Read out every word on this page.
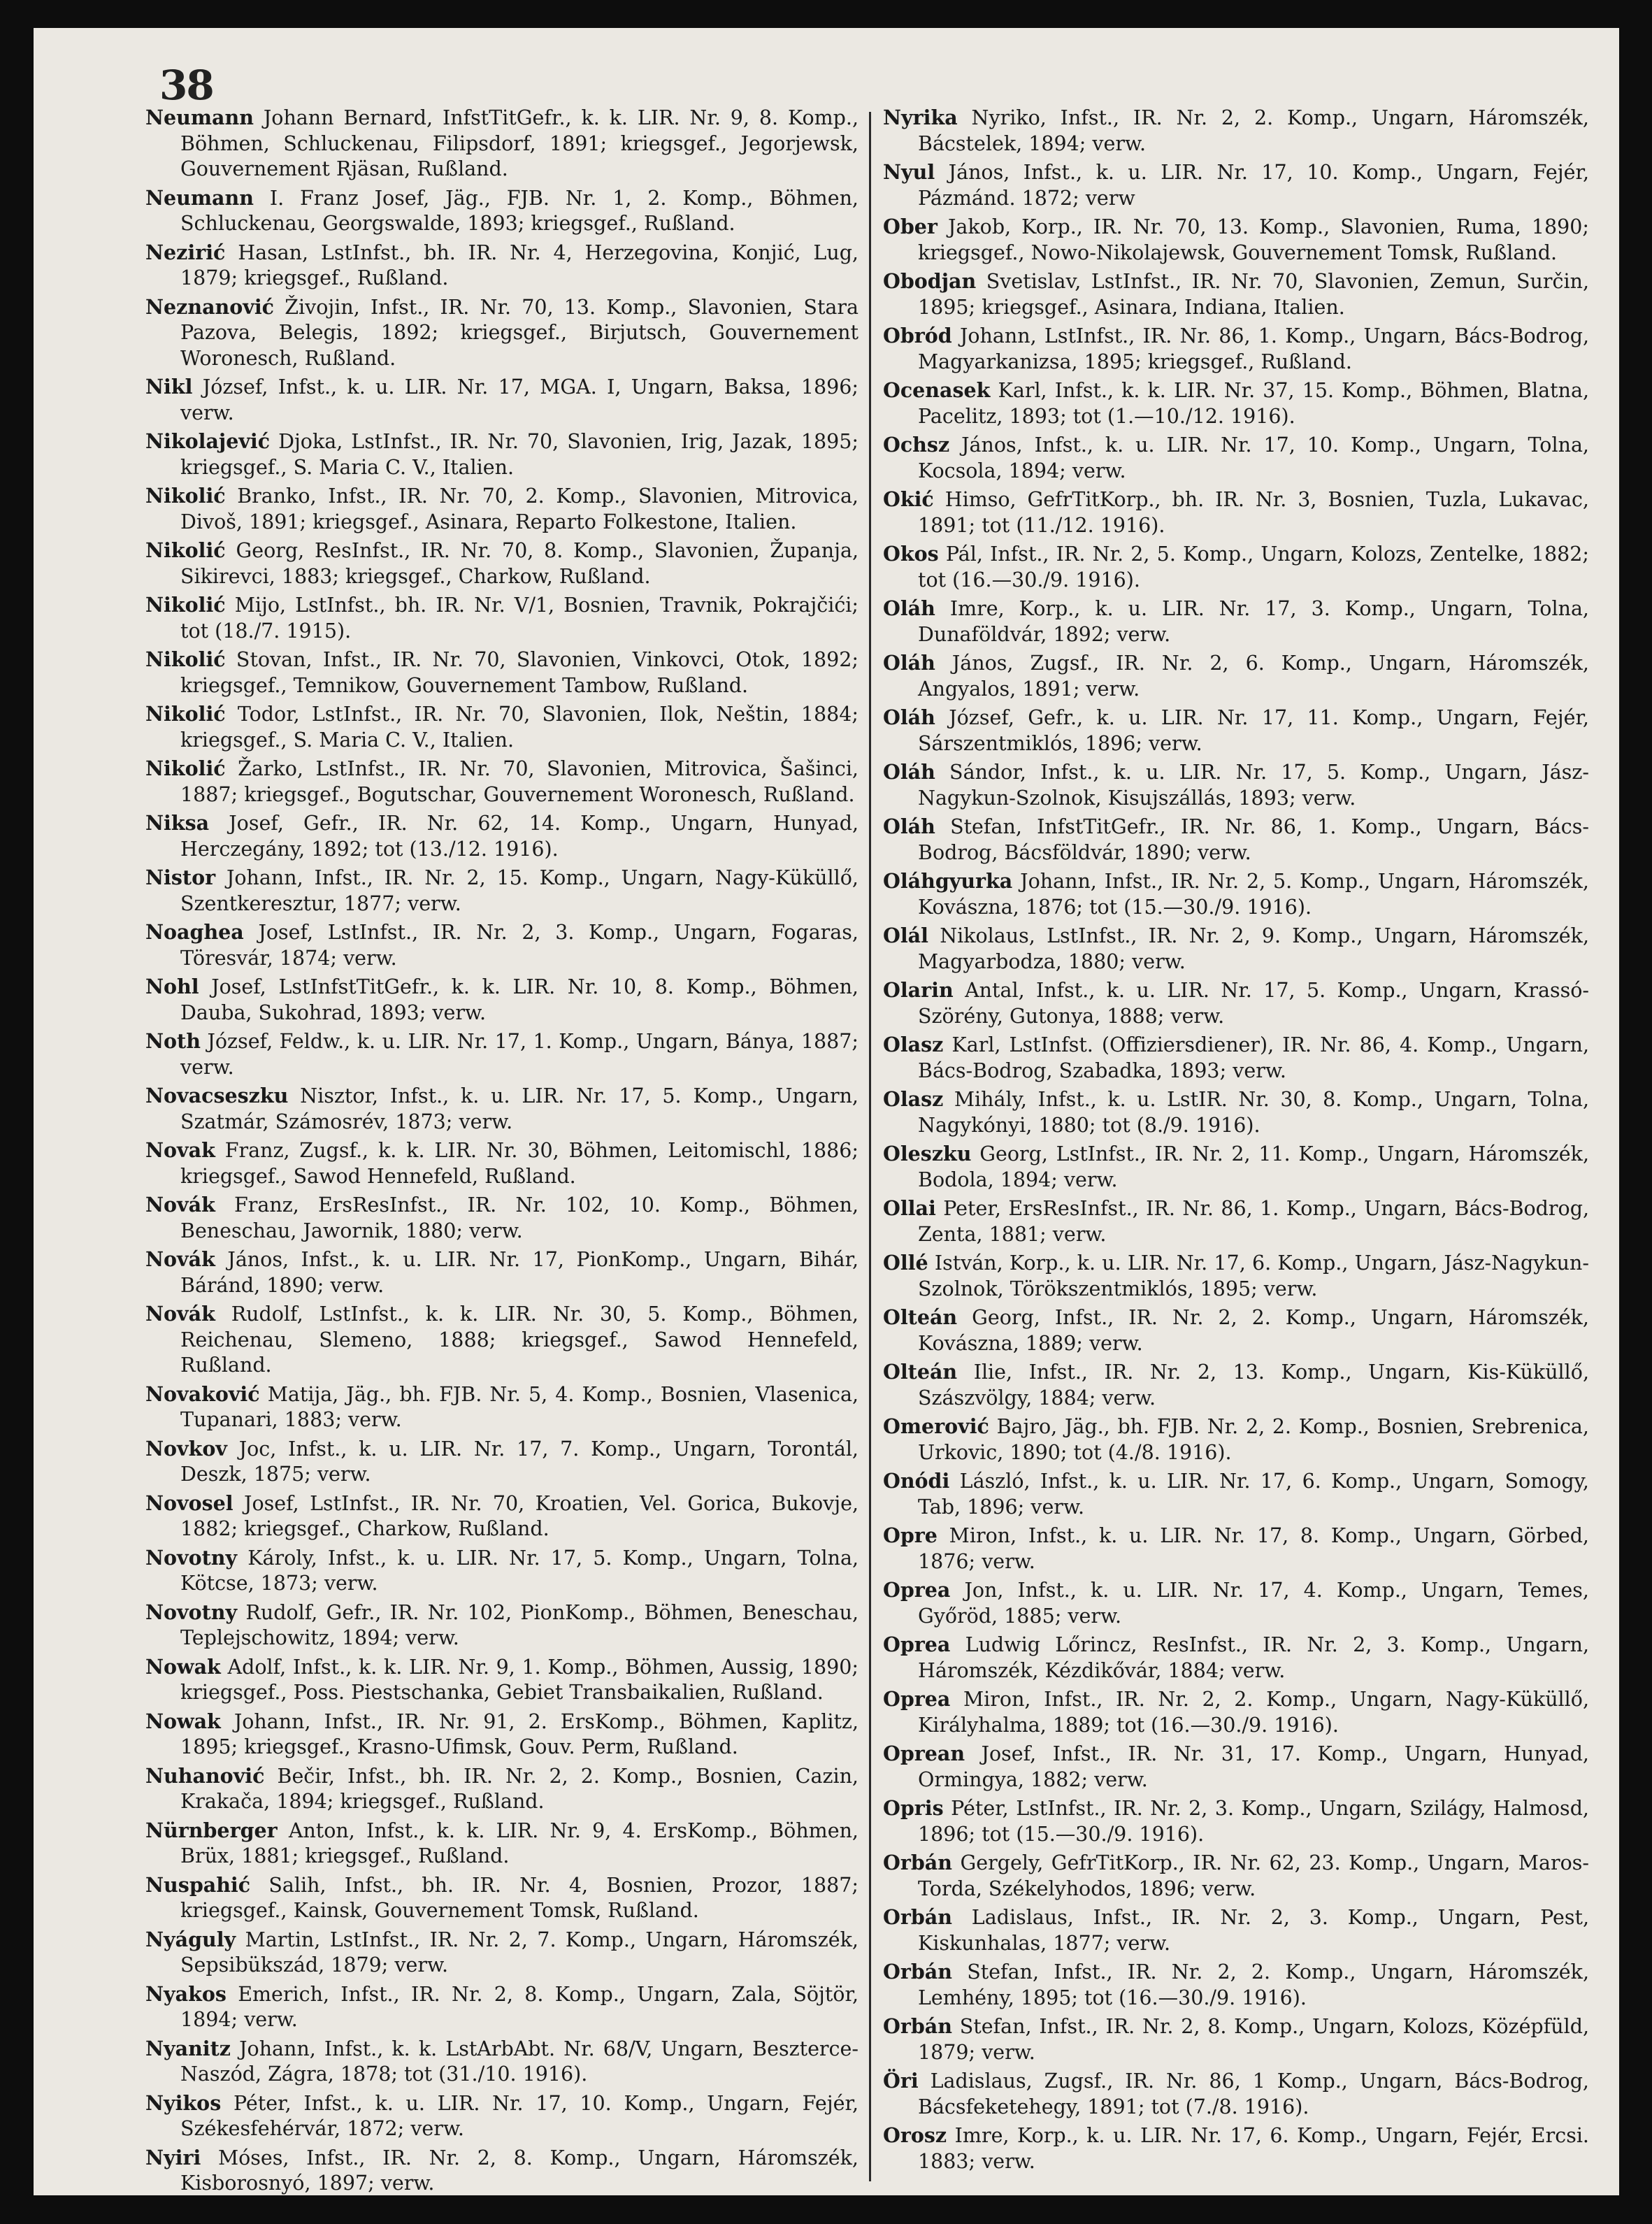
38

Neumann Johann Bernard, InfstTitGefr., k. k. LIR. Nr. 9, 8. Komp., Böhmen, Schluckenau, Filipsdorf, 1891; kriegsgef., Jegorjewsk, Gouvernement Rjäsan, Rußland.

Neumann I. Franz Josef, Jäg., FJB. Nr. 1, 2. Komp., Böhmen, Schluckenau, Georgswalde, 1893; kriegsgef., Rußland.

Nezirić Hasan, LstInfst., bh. IR. Nr. 4, Herzegovina, Konjić, Lug, 1879; kriegsgef., Rußland.

Neznanović Živojin, Infst., IR. Nr. 70, 13. Komp., Slavonien, Stara Pazova, Belegis, 1892; kriegsgef., Birjutsch, Gouvernement Woronesch, Rußland.

Nikl József, Infst., k. u. LIR. Nr. 17, MGA. I, Ungarn, Baksa, 1896; verw.

Nikolajević Djoka, LstInfst., IR. Nr. 70, Slavonien, Irig, Jazak, 1895; kriegsgef., S. Maria C. V., Italien.

Nikolić Branko, Infst., IR. Nr. 70, 2. Komp., Slavonien, Mitrovica, Divoš, 1891; kriegsgef., Asinara, Reparto Folkestone, Italien.

Nikolić Georg, ResInfst., IR. Nr. 70, 8. Komp., Slavonien, Županja, Sikirevci, 1883; kriegsgef., Charkow, Rußland.

Nikolić Mijo, LstInfst., bh. IR. Nr. V/1, Bosnien, Travnik, Pokrajčići; tot (18./7. 1915).

Nikolić Stovan, Infst., IR. Nr. 70, Slavonien, Vinkovci, Otok, 1892; kriegsgef., Temnikow, Gouvernement Tambow, Rußland.

Nikolić Todor, LstInfst., IR. Nr. 70, Slavonien, Ilok, Neštin, 1884; kriegsgef., S. Maria C. V., Italien.

Nikolić Žarko, LstInfst., IR. Nr. 70, Slavonien, Mitrovica, Šašinci, 1887; kriegsgef., Bogutschar, Gouvernement Woronesch, Rußland.

Niksa Josef, Gefr., IR. Nr. 62, 14. Komp., Ungarn, Hunyad, Herczegány, 1892; tot (13./12. 1916).

Nistor Johann, Infst., IR. Nr. 2, 15. Komp., Ungarn, Nagy-Küküllő, Szentkeresztur, 1877; verw.

Noaghea Josef, LstInfst., IR. Nr. 2, 3. Komp., Ungarn, Fogaras, Töresvár, 1874; verw.

Nohl Josef, LstInfstTitGefr., k. k. LIR. Nr. 10, 8. Komp., Böhmen, Dauba, Sukohrad, 1893; verw.

Noth József, Feldw., k. u. LIR. Nr. 17, 1. Komp., Ungarn, Bánya, 1887; verw.

Novacseszku Nisztor, Infst., k. u. LIR. Nr. 17, 5. Komp., Ungarn, Szatmár, Számosrév, 1873; verw.

Novak Franz, Zugsf., k. k. LIR. Nr. 30, Böhmen, Leitomischl, 1886; kriegsgef., Sawod Hennefeld, Rußland.

Novák Franz, ErsResInfst., IR. Nr. 102, 10. Komp., Böhmen, Beneschau, Jawornik, 1880; verw.

Novák János, Infst., k. u. LIR. Nr. 17, PionKomp., Ungarn, Bihár, Báránd, 1890; verw.

Novák Rudolf, LstInfst., k. k. LIR. Nr. 30, 5. Komp., Böhmen, Reichenau, Slemeno, 1888; kriegsgef., Sawod Hennefeld, Rußland.

Novaković Matija, Jäg., bh. FJB. Nr. 5, 4. Komp., Bosnien, Vlasenica, Tupanari, 1883; verw.

Novkov Joc, Infst., k. u. LIR. Nr. 17, 7. Komp., Ungarn, Torontál, Deszk, 1875; verw.

Novosel Josef, LstInfst., IR. Nr. 70, Kroatien, Vel. Gorica, Bukovje, 1882; kriegsgef., Charkow, Rußland.

Novotny Károly, Infst., k. u. LIR. Nr. 17, 5. Komp., Ungarn, Tolna, Kötcse, 1873; verw.

Novotny Rudolf, Gefr., IR. Nr. 102, PionKomp., Böhmen, Beneschau, Teplejschowitz, 1894; verw.

Nowak Adolf, Infst., k. k. LIR. Nr. 9, 1. Komp., Böhmen, Aussig, 1890; kriegsgef., Poss. Piestschanka, Gebiet Transbaikalien, Rußland.

Nowak Johann, Infst., IR. Nr. 91, 2. ErsKomp., Böhmen, Kaplitz, 1895; kriegsgef., Krasno-Ufimsk, Gouv. Perm, Rußland.

Nuhanović Bečir, Infst., bh. IR. Nr. 2, 2. Komp., Bosnien, Cazin, Krakača, 1894; kriegsgef., Rußland.

Nürnberger Anton, Infst., k. k. LIR. Nr. 9, 4. ErsKomp., Böhmen, Brüx, 1881; kriegsgef., Rußland.

Nuspahić Salih, Infst., bh. IR. Nr. 4, Bosnien, Prozor, 1887; kriegsgef., Kainsk, Gouvernement Tomsk, Rußland.

Nyáguly Martin, LstInfst., IR. Nr. 2, 7. Komp., Ungarn, Háromszék, Sepsibükszád, 1879; verw.

Nyakos Emerich, Infst., IR. Nr. 2, 8. Komp., Ungarn, Zala, Söjtör, 1894; verw.

Nyanitz Johann, Infst., k. k. LstArbAbt. Nr. 68/V, Ungarn, Beszterce-Naszód, Zágra, 1878; tot (31./10. 1916).

Nyikos Péter, Infst., k. u. LIR. Nr. 17, 10. Komp., Ungarn, Fejér, Székesfehérvár, 1872; verw.

Nyiri Móses, Infst., IR. Nr. 2, 8. Komp., Ungarn, Háromszék, Kisborosnyó, 1897; verw.

Nyrika Nyriko, Infst., IR. Nr. 2, 2. Komp., Ungarn, Háromszék, Bácstelek, 1894; verw.

Nyul János, Infst., k. u. LIR. Nr. 17, 10. Komp., Ungarn, Fejér, Pázmánd. 1872; verw

Ober Jakob, Korp., IR. Nr. 70, 13. Komp., Slavonien, Ruma, 1890; kriegsgef., Nowo-Nikolajewsk, Gouvernement Tomsk, Rußland.

Obodjan Svetislav, LstInfst., IR. Nr. 70, Slavonien, Zemun, Surčin, 1895; kriegsgef., Asinara, Indiana, Italien.

Obród Johann, LstInfst., IR. Nr. 86, 1. Komp., Ungarn, Bács-Bodrog, Magyarkanizsa, 1895; kriegsgef., Rußland.

Ocenasek Karl, Infst., k. k. LIR. Nr. 37, 15. Komp., Böhmen, Blatna, Pacelitz, 1893; tot (1.—10./12. 1916).

Ochsz János, Infst., k. u. LIR. Nr. 17, 10. Komp., Ungarn, Tolna, Kocsola, 1894; verw.

Okić Himso, GefrTitKorp., bh. IR. Nr. 3, Bosnien, Tuzla, Lukavac, 1891; tot (11./12. 1916).

Okos Pál, Infst., IR. Nr. 2, 5. Komp., Ungarn, Kolozs, Zentelke, 1882; tot (16.—30./9. 1916).

Oláh Imre, Korp., k. u. LIR. Nr. 17, 3. Komp., Ungarn, Tolna, Dunaföldvár, 1892; verw.

Oláh János, Zugsf., IR. Nr. 2, 6. Komp., Ungarn, Háromszék, Angyalos, 1891; verw.

Oláh József, Gefr., k. u. LIR. Nr. 17, 11. Komp., Ungarn, Fejér, Sárszentmiklós, 1896; verw.

Oláh Sándor, Infst., k. u. LIR. Nr. 17, 5. Komp., Ungarn, Jász-Nagykun-Szolnok, Kisujszállás, 1893; verw.

Oláh Stefan, InfstTitGefr., IR. Nr. 86, 1. Komp., Ungarn, Bács-Bodrog, Bácsföldvár, 1890; verw.

Oláhgyurka Johann, Infst., IR. Nr. 2, 5. Komp., Ungarn, Háromszék, Kovászna, 1876; tot (15.—30./9. 1916).

Olál Nikolaus, LstInfst., IR. Nr. 2, 9. Komp., Ungarn, Háromszék, Magyarbodza, 1880; verw.

Olarin Antal, Infst., k. u. LIR. Nr. 17, 5. Komp., Ungarn, Krassó-Szörény, Gutonya, 1888; verw.

Olasz Karl, LstInfst. (Offiziersdiener), IR. Nr. 86, 4. Komp., Ungarn, Bács-Bodrog, Szabadka, 1893; verw.

Olasz Mihály, Infst., k. u. LstIR. Nr. 30, 8. Komp., Ungarn, Tolna, Nagykónyi, 1880; tot (8./9. 1916).

Oleszku Georg, LstInfst., IR. Nr. 2, 11. Komp., Ungarn, Háromszék, Bodola, 1894; verw.

Ollai Peter, ErsResInfst., IR. Nr. 86, 1. Komp., Ungarn, Bács-Bodrog, Zenta, 1881; verw.

Ollé István, Korp., k. u. LIR. Nr. 17, 6. Komp., Ungarn, Jász-Nagykun-Szolnok, Törökszentmiklós, 1895; verw.

Olteán Georg, Infst., IR. Nr. 2, 2. Komp., Ungarn, Háromszék, Kovászna, 1889; verw.

Olteán Ilie, Infst., IR. Nr. 2, 13. Komp., Ungarn, Kis-Küküllő, Szászvölgy, 1884; verw.

Omerović Bajro, Jäg., bh. FJB. Nr. 2, 2. Komp., Bosnien, Srebrenica, Urkovic, 1890; tot (4./8. 1916).

Onódi László, Infst., k. u. LIR. Nr. 17, 6. Komp., Ungarn, Somogy, Tab, 1896; verw.

Opre Miron, Infst., k. u. LIR. Nr. 17, 8. Komp., Ungarn, Görbed, 1876; verw.

Oprea Jon, Infst., k. u. LIR. Nr. 17, 4. Komp., Ungarn, Temes, Győröd, 1885; verw.

Oprea Ludwig Lőrincz, ResInfst., IR. Nr. 2, 3. Komp., Ungarn, Háromszék, Kézdikővár, 1884; verw.

Oprea Miron, Infst., IR. Nr. 2, 2. Komp., Ungarn, Nagy-Küküllő, Királyhalma, 1889; tot (16.—30./9. 1916).

Oprean Josef, Infst., IR. Nr. 31, 17. Komp., Ungarn, Hunyad, Ormingya, 1882; verw.

Opris Péter, LstInfst., IR. Nr. 2, 3. Komp., Ungarn, Szilágy, Halmosd, 1896; tot (15.—30./9. 1916).

Orbán Gergely, GefrTitKorp., IR. Nr. 62, 23. Komp., Ungarn, Maros-Torda, Székelyhodos, 1896; verw.

Orbán Ladislaus, Infst., IR. Nr. 2, 3. Komp., Ungarn, Pest, Kiskunhalas, 1877; verw.

Orbán Stefan, Infst., IR. Nr. 2, 2. Komp., Ungarn, Háromszék, Lemhény, 1895; tot (16.—30./9. 1916).

Orbán Stefan, Infst., IR. Nr. 2, 8. Komp., Ungarn, Kolozs, Középfüld, 1879; verw.

Öri Ladislaus, Zugsf., IR. Nr. 86, 1 Komp., Ungarn, Bács-Bodrog, Bácsfeketehegy, 1891; tot (7./8. 1916).

Orosz Imre, Korp., k. u. LIR. Nr. 17, 6. Komp., Ungarn, Fejér, Ercsi. 1883; verw.
